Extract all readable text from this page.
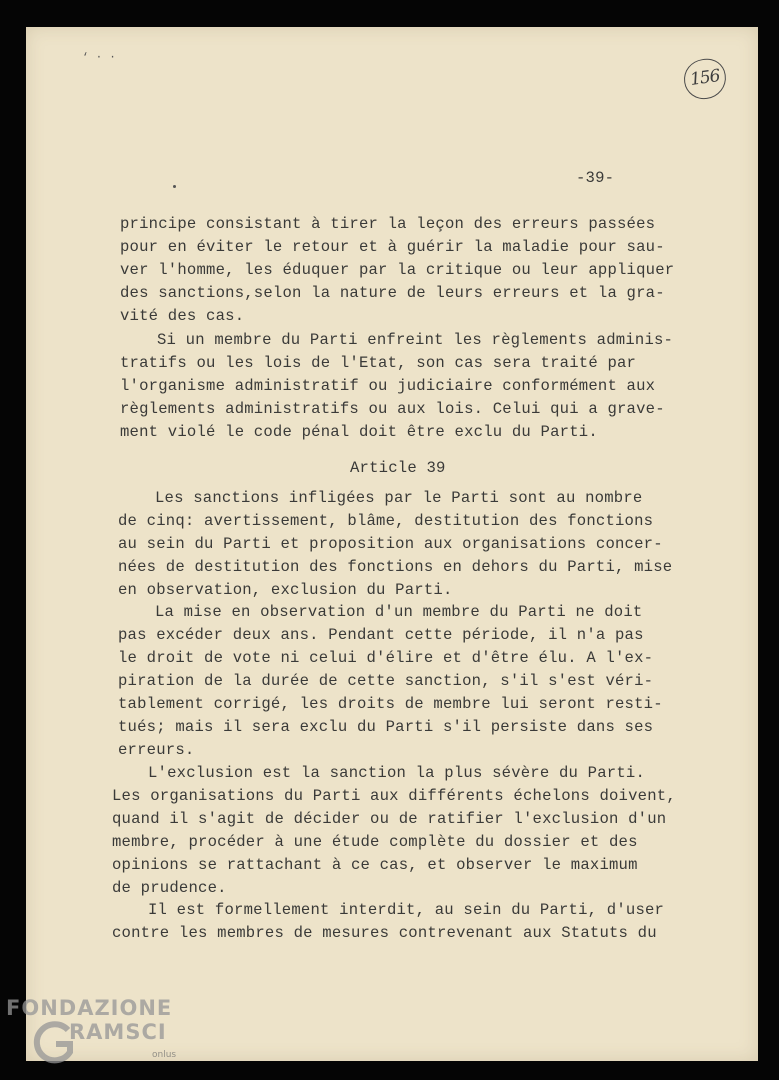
‘ · ·
156
-39-
principe consistant à tirer la leçon des erreurs passées
pour en éviter le retour et à guérir la maladie pour sau-
ver l'homme, les éduquer par la critique ou leur appliquer
des sanctions,selon la nature de leurs erreurs et la gra-
vité des cas.
Si un membre du Parti enfreint les règlements adminis-
tratifs ou les lois de l'Etat, son cas sera traité par
l'organisme administratif ou judiciaire conformément aux
règlements administratifs ou aux lois. Celui qui a grave-
ment violé le code pénal doit être exclu du Parti.
Article 39
Les sanctions infligées par le Parti sont au nombre
de cinq: avertissement, blâme, destitution des fonctions
au sein du Parti et proposition aux organisations concer-
nées de destitution des fonctions en dehors du Parti, mise
en observation, exclusion du Parti.
La mise en observation d'un membre du Parti ne doit
pas excéder deux ans. Pendant cette période, il n'a pas
le droit de vote ni celui d'élire et d'être élu. A l'ex-
piration de la durée de cette sanction, s'il s'est véri-
tablement corrigé, les droits de membre lui seront resti-
tués; mais il sera exclu du Parti s'il persiste dans ses
erreurs.
L'exclusion est la sanction la plus sévère du Parti.
Les organisations du Parti aux différents échelons doivent,
quand il s'agit de décider ou de ratifier l'exclusion d'un
membre, procéder à une étude complète du dossier et des
opinions se rattachant à ce cas, et observer le maximum
de prudence.
Il est formellement interdit, au sein du Parti, d'user
contre les membres de mesures contrevenant aux Statuts du
FONDAZIONE
RAMSCI
onlus
